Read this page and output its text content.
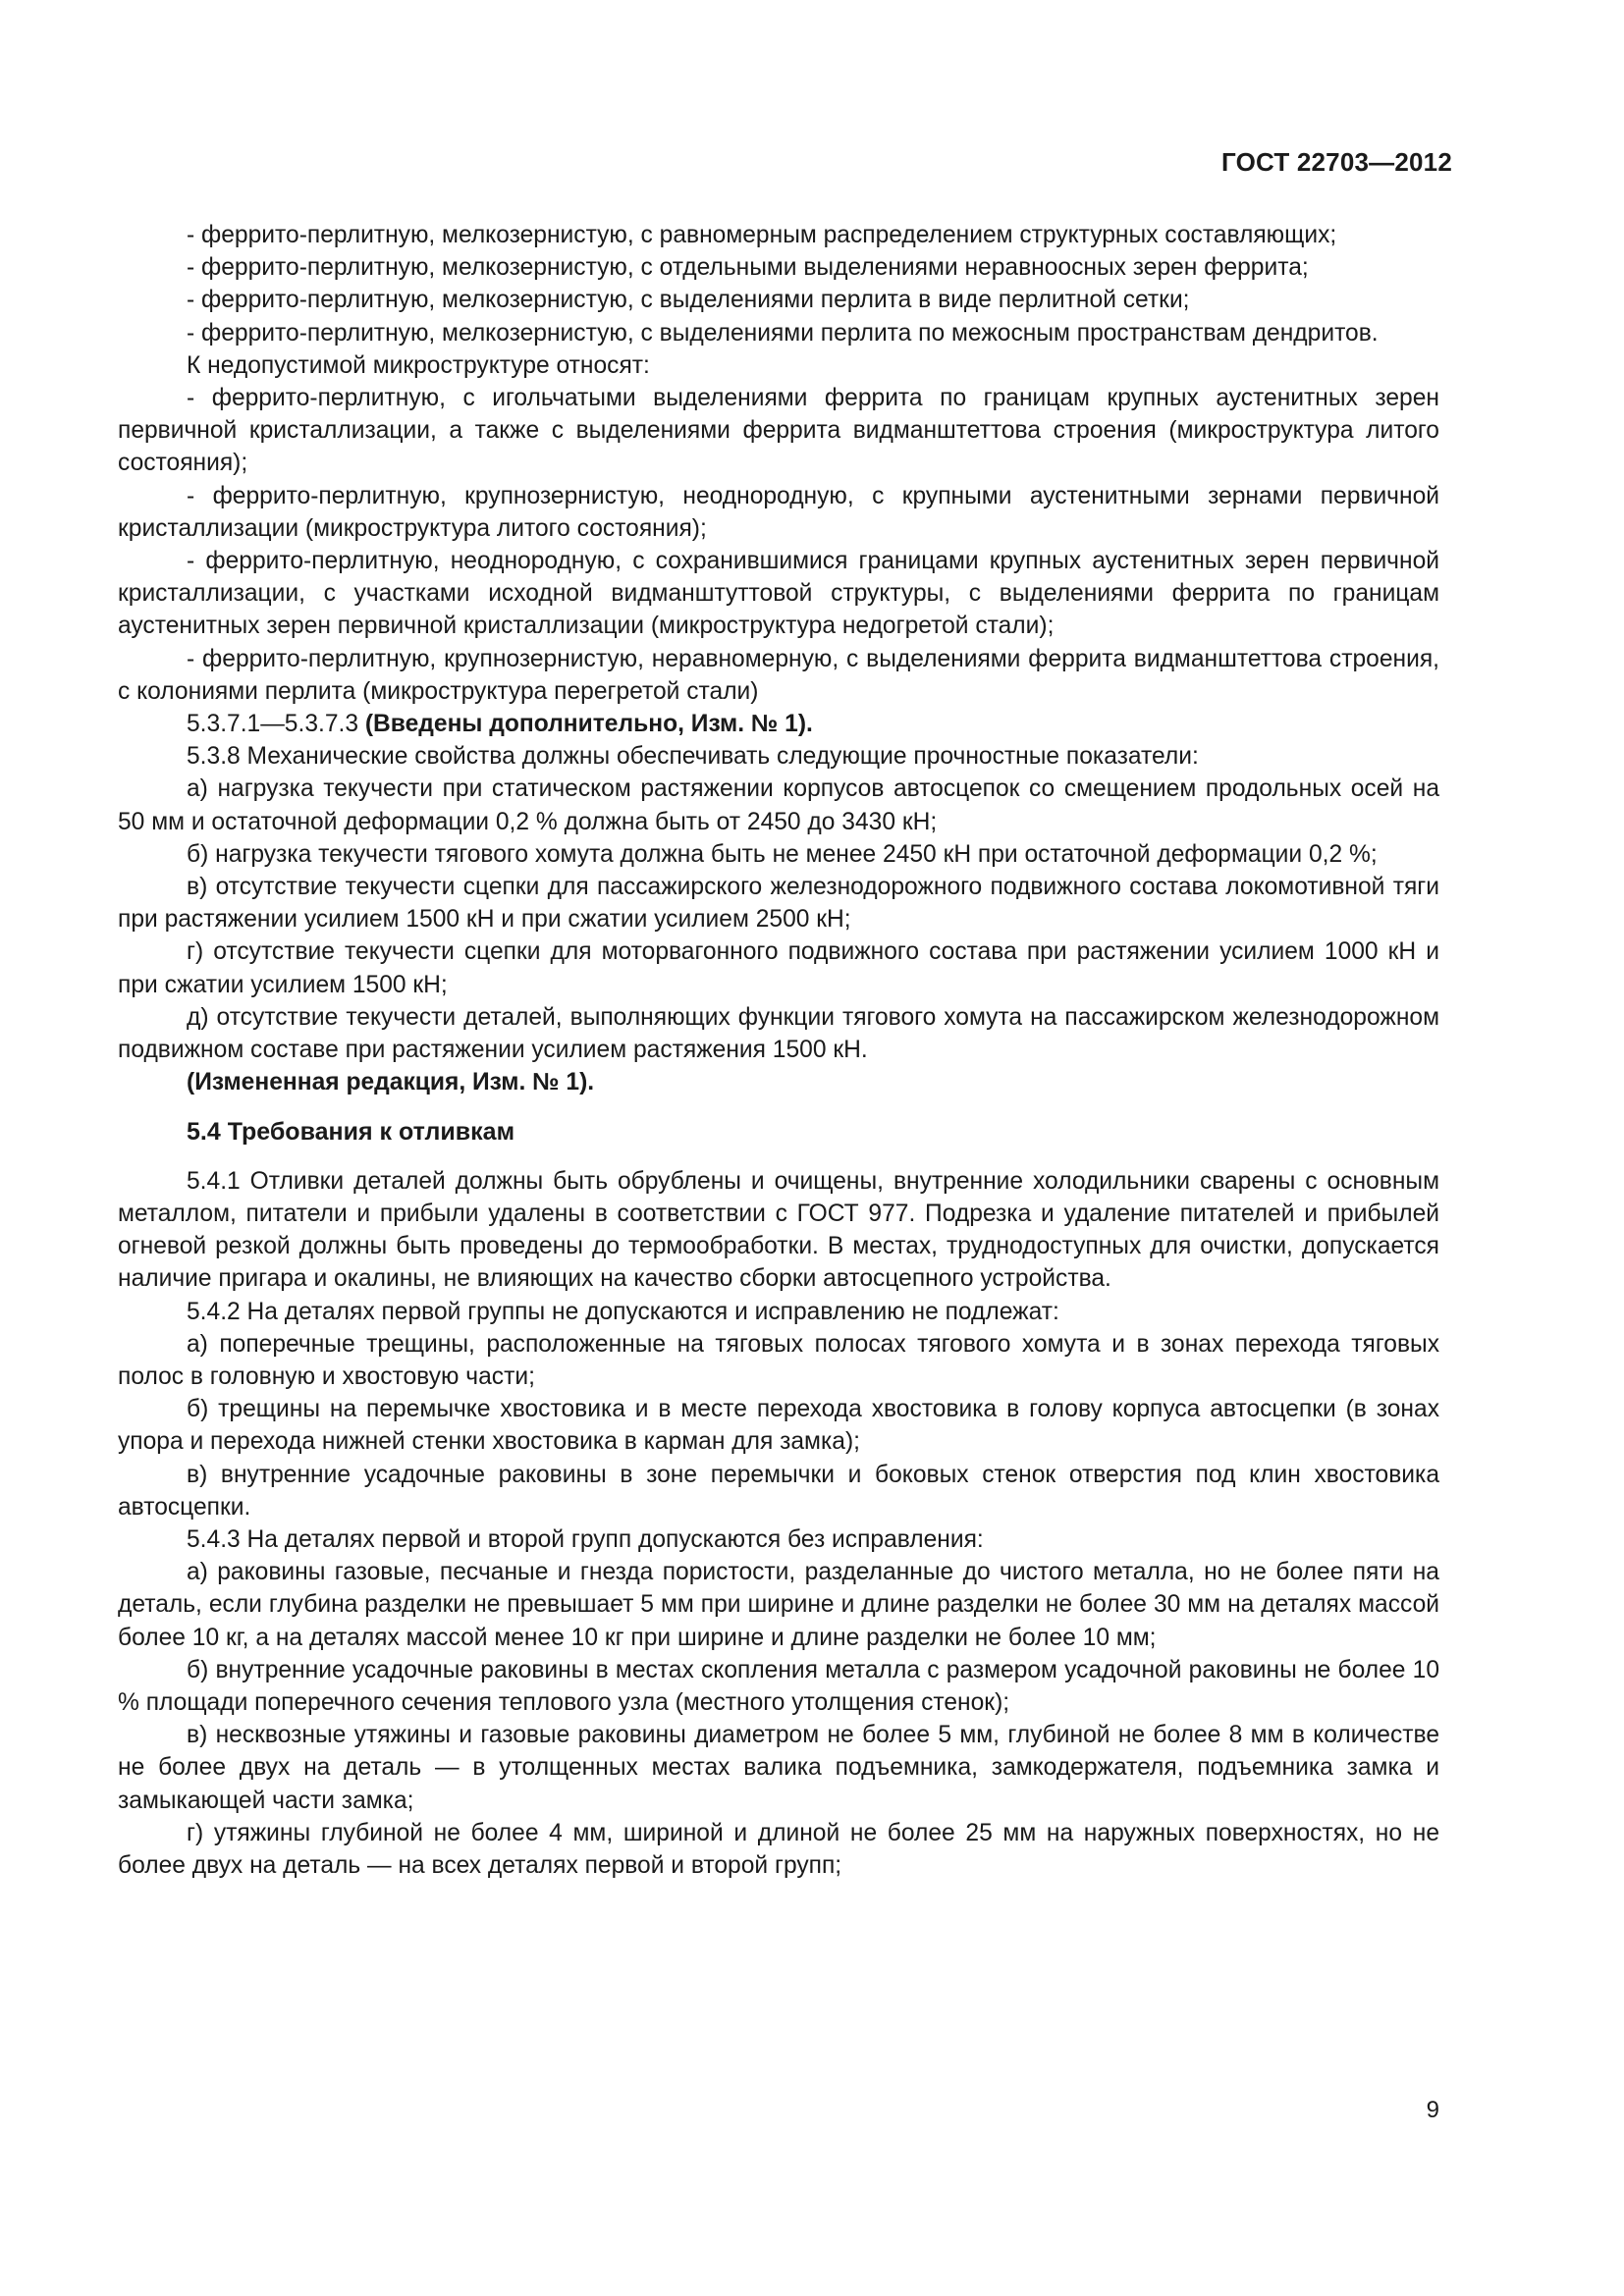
ГОСТ 22703—2012

- феррито-перлитную, мелкозернистую, с равномерным распределением структурных составляющих;

- феррито-перлитную, мелкозернистую, с отдельными выделениями неравноосных зерен феррита;

- феррито-перлитную, мелкозернистую, с выделениями перлита в виде перлитной сетки;

- феррито-перлитную, мелкозернистую, с выделениями перлита по межосным пространствам дендритов.

К недопустимой микроструктуре относят:

- феррито-перлитную, с игольчатыми выделениями феррита по границам крупных аустенитных зерен первичной кристаллизации, а также с выделениями феррита видманштеттова строения (микроструктура литого состояния);

- феррито-перлитную, крупнозернистую, неоднородную, с крупными аустенитными зернами первичной кристаллизации (микроструктура литого состояния);

- феррито-перлитную, неоднородную, с сохранившимися границами крупных аустенитных зерен первичной кристаллизации, с участками исходной видманштуттовой структуры, с выделениями феррита по границам аустенитных зерен первичной кристаллизации (микроструктура недогретой стали);

- феррито-перлитную, крупнозернистую, неравномерную, с выделениями феррита видманштеттова строения, с колониями перлита (микроструктура перегретой стали)

5.3.7.1—5.3.7.3 (Введены дополнительно, Изм. № 1).

5.3.8 Механические свойства должны обеспечивать следующие прочностные показатели:

а) нагрузка текучести при статическом растяжении корпусов автосцепок со смещением продольных осей на 50 мм и остаточной деформации 0,2 % должна быть от 2450 до 3430 кН;

б) нагрузка текучести тягового хомута должна быть не менее 2450 кН при остаточной деформации 0,2 %;

в) отсутствие текучести сцепки для пассажирского железнодорожного подвижного состава локомотивной тяги при растяжении усилием 1500 кН и при сжатии усилием 2500 кН;

г) отсутствие текучести сцепки для моторвагонного подвижного состава при растяжении усилием 1000 кН и при сжатии усилием 1500 кН;

д) отсутствие текучести деталей, выполняющих функции тягового хомута на пассажирском железнодорожном подвижном составе при растяжении усилием растяжения 1500 кН.

(Измененная редакция, Изм. № 1).

5.4 Требования к отливкам

5.4.1 Отливки деталей должны быть обрублены и очищены, внутренние холодильники сварены с основным металлом, питатели и прибыли удалены в соответствии с ГОСТ 977. Подрезка и удаление питателей и прибылей огневой резкой должны быть проведены до термообработки. В местах, труднодоступных для очистки, допускается наличие пригара и окалины, не влияющих на качество сборки автосцепного устройства.

5.4.2 На деталях первой группы не допускаются и исправлению не подлежат:

а) поперечные трещины, расположенные на тяговых полосах тягового хомута и в зонах перехода тяговых полос в головную и хвостовую части;

б) трещины на перемычке хвостовика и в месте перехода хвостовика в голову корпуса автосцепки (в зонах упора и перехода нижней стенки хвостовика в карман для замка);

в) внутренние усадочные раковины в зоне перемычки и боковых стенок отверстия под клин хвостовика автосцепки.

5.4.3 На деталях первой и второй групп допускаются без исправления:

а) раковины газовые, песчаные и гнезда пористости, разделанные до чистого металла, но не более пяти на деталь, если глубина разделки не превышает 5 мм при ширине и длине разделки не более 30 мм на деталях массой более 10 кг, а на деталях массой менее 10 кг при ширине и длине разделки не более 10 мм;

б) внутренние усадочные раковины в местах скопления металла с размером усадочной раковины не более 10 % площади поперечного сечения теплового узла (местного утолщения стенок);

в) несквозные утяжины и газовые раковины диаметром не более 5 мм, глубиной не более 8 мм в количестве не более двух на деталь — в утолщенных местах валика подъемника, замкодержателя, подъемника замка и замыкающей части замка;

г) утяжины глубиной не более 4 мм, шириной и длиной не более 25 мм на наружных поверхностях, но не более двух на деталь — на всех деталях первой и второй групп;

9
